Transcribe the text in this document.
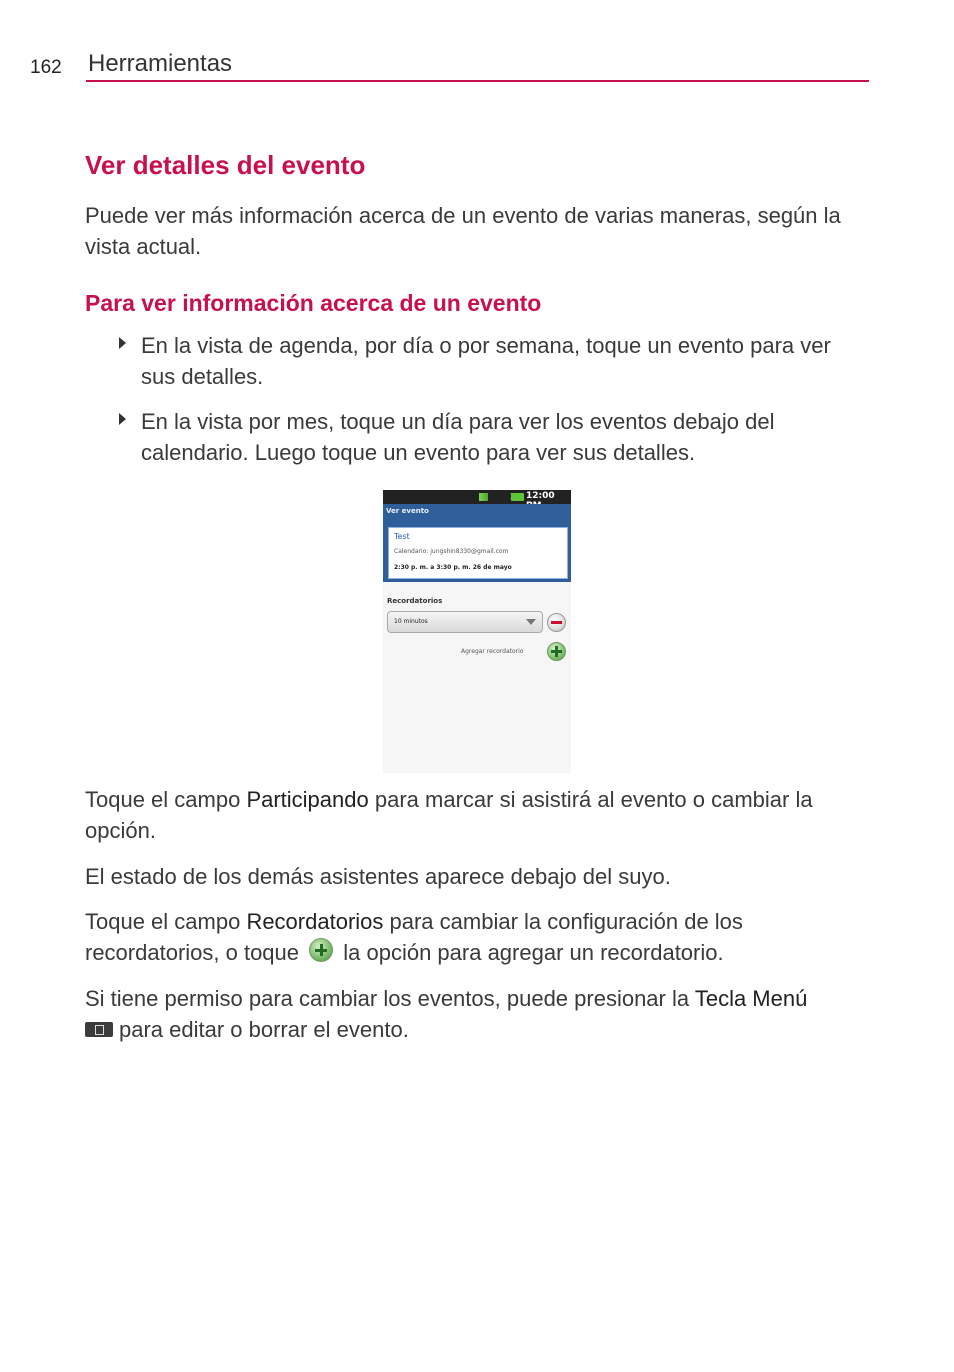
162 Herramientas
Ver detalles del evento

Puede ver más información acerca de un evento de varias maneras, según la vista actual.

Para ver información acerca de un evento
En la vista de agenda, por día o por semana, toque un evento para ver sus detalles.
En la vista por mes, toque un día para ver los eventos debajo del calendario. Luego toque un evento para ver sus detalles.
12:00
Ver evento
Test
Calendario: jungshin8330@gmail.com
2:30 p. m. a 3:30 p. m. 26 de mayo
Recordatorios
10 minutos
Agregar recordatorio

Toque el campo Participando para marcar si asistirá al evento o cambiar la opción.

El estado de los demás asistentes aparece debajo del suyo.

Toque el campo Recordatorios para cambiar la configuración de los recordatorios, o toque  la opción para agregar un recordatorio.

Si tiene permiso para cambiar los eventos, puede presionar la Tecla Menú
para editar o borrar el evento.
